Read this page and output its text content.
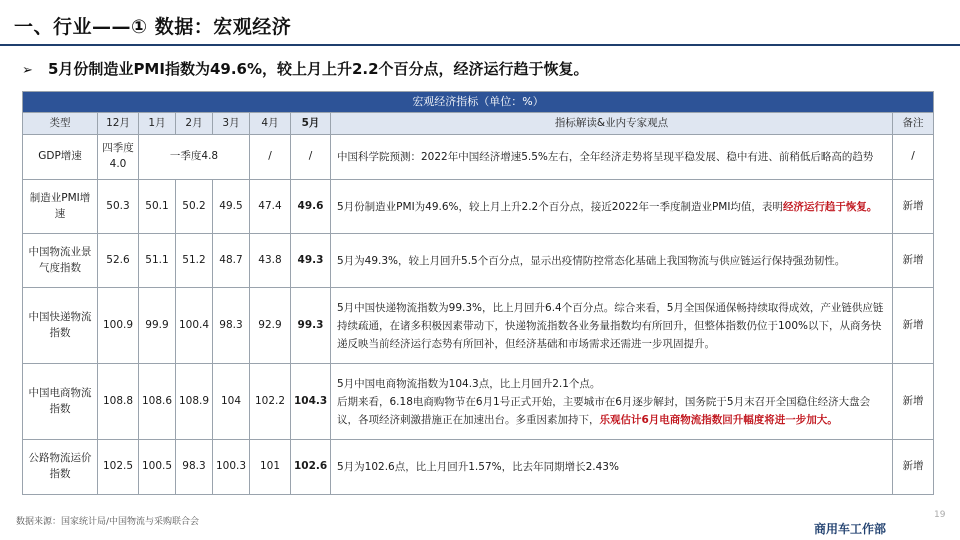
一、行业——① 数据：宏观经济
➢ 5月份制造业PMI指数为49.6%，较上月上升2.2个百分点，经济运行趋于恢复。
宏观经济指标（单位：%）								
类型	12月	1月	2月	3月	4月	5月	指标解读&业内专家观点	备注
GDP增速	四季度4.0	一季度4.8			/	/	中国科学院预测：2022年中国经济增速5.5%左右，全年经济走势将呈现平稳发展、稳中有进、前稍低后略高的趋势	/
制造业PMI增速	50.3	50.1	50.2	49.5	47.4	49.6	5月份制造业PMI为49.6%，较上月上升2.2个百分点，接近2022年一季度制造业PMI均值，表明经济运行趋于恢复。	新增
中国物流业景气度指数	52.6	51.1	51.2	48.7	43.8	49.3	5月为49.3%，较上月回升5.5个百分点，显示出疫情防控常态化基础上我国物流与供应链运行保持强劲韧性。	新增
中国快递物流指数	100.9	99.9	100.4	98.3	92.9	99.3	5月中国快递物流指数为99.3%，比上月回升6.4个百分点。综合来看，5月全国保通保畅持续取得成效，产业链供应链持续疏通，在诸多积极因素带动下，快递物流指数各业务量指数均有所回升，但整体指数仍位于100%以下，从商务快递反映当前经济运行态势有所回补，但经济基础和市场需求还需进一步巩固提升。	新增
中国电商物流指数	108.8	108.6	108.9	104	102.2	104.3	5月中国电商物流指数为104.3点，比上月回升2.1个点。
后期来看，6.18电商购物节在6月1号正式开始，主要城市在6月逐步解封，国务院于5月末召开全国稳住经济大盘会议，各项经济刺激措施正在加速出台。多重因素加持下，乐观估计6月电商物流指数回升幅度将进一步加大。	新增
公路物流运价指数	102.5	100.5	98.3	100.3	101	102.6	5月为102.6点，比上月回升1.57%，比去年同期增长2.43%	新增
数据来源：国家统计局/中国物流与采购联合会	商用车工作部
19
